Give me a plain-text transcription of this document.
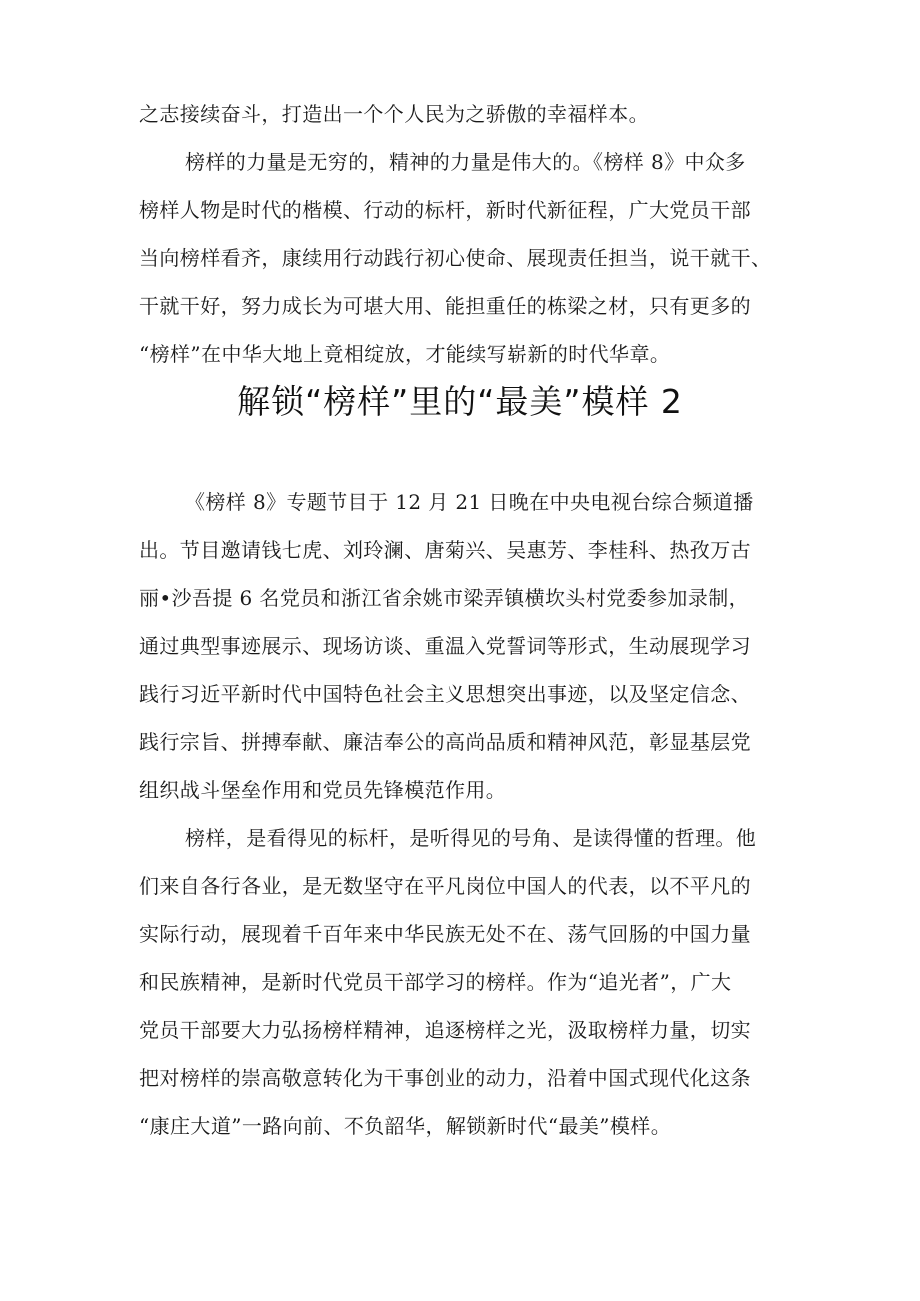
之志接续奋斗，打造出一个个人民为之骄傲的幸福样本。
榜样的力量是无穷的，精神的力量是伟大的。《榜样 8》中众多
榜样人物是时代的楷模、行动的标杆，新时代新征程，广大党员干部
当向榜样看齐，康续用行动践行初心使命、展现责任担当，说干就干、
干就干好，努力成长为可堪大用、能担重任的栋梁之材，只有更多的
“榜样”在中华大地上竟相绽放，才能续写崭新的时代华章。
解锁“榜样”里的“最美”模样 2
《榜样 8》专题节目于 12 月 21 日晚在中央电视台综合频道播
出。节目邀请钱七虎、刘玲澜、唐菊兴、吴惠芳、李桂科、热孜万古
丽•沙吾提 6 名党员和浙江省余姚市梁弄镇横坎头村党委参加录制，
通过典型事迹展示、现场访谈、重温入党誓词等形式，生动展现学习
践行习近平新时代中国特色社会主义思想突出事迹，以及坚定信念、
践行宗旨、拼搏奉献、廉洁奉公的高尚品质和精神风范，彰显基层党
组织战斗堡垒作用和党员先锋模范作用。
榜样，是看得见的标杆，是听得见的号角、是读得懂的哲理。他
们来自各行各业，是无数坚守在平凡岗位中国人的代表，以不平凡的
实际行动，展现着千百年来中华民族无处不在、荡气回肠的中国力量
和民族精神，是新时代党员干部学习的榜样。作为“追光者”，广大
党员干部要大力弘扬榜样精神，追逐榜样之光，汲取榜样力量，切实
把对榜样的崇高敬意转化为干事创业的动力，沿着中国式现代化这条
“康庄大道”一路向前、不负韶华，解锁新时代“最美”模样。
